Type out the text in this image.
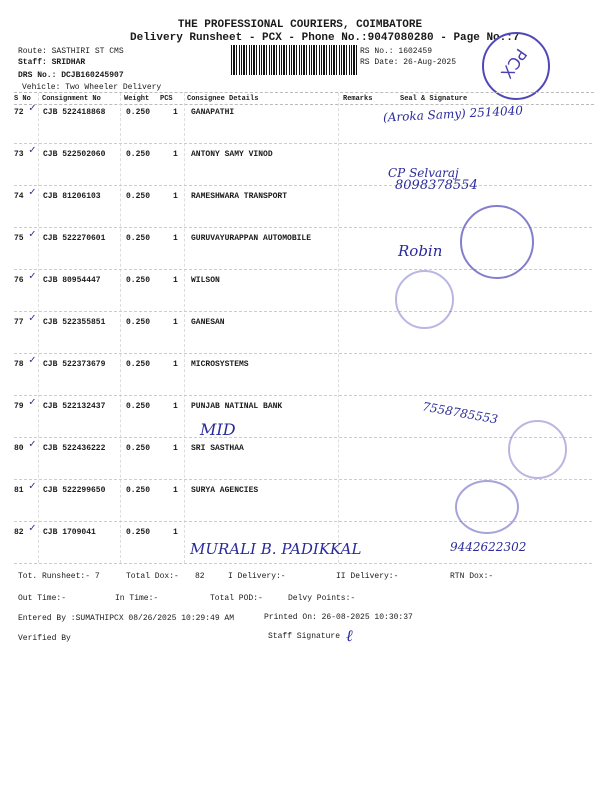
THE PROFESSIONAL COURIERS, COIMBATORE
Delivery Runsheet - PCX - Phone No.:9047080280 - Page No.:7
Route: SASTHIRI ST CMS
Staff: SRIDHAR
DRS No.: DCJB160245907
Vehicle: Two Wheeler Delivery
RS No.: 1602459
RS Date: 26-Aug-2025	PCX
S No Consignment No	Weight PCS Consignee Details	Remarks	Seal & Signature
72 CJB 522418868	0.250	1 GANAPATHI
✓
73 CJB 522502060	0.250	1 ANTONY SAMY VINOD
✓
74 CJB 81206103	0.250	1 RAMESHWARA TRANSPORT
✓
75 CJB 522270601	0.250	1 GURUVAYURAPPAN AUTOMOBILE
✓
76 CJB 80954447	0.250	1 WILSON
✓
77 CJB 522355851	0.250	1 GANESAN
✓
78 CJB 522373679	0.250	1 MICROSYSTEMS
✓
79 CJB 522132437	0.250	1 PUNJAB NATINAL BANK
✓
80 CJB 522436222	0.250	1 SRI SASTHAA
✓
81 CJB 522299650	0.250	1 SURYA AGENCIES
✓
82 CJB 1709041	0.250	1
✓
(Aroka Samy) 2514040
CP Selvaraj
8098378554
Robin
MID
7558785553
MURALI B. PADIKKAL	9442622302
Tot. Runsheet:- 7	Total Dox:- 82	I Delivery:-	II Delivery:-	RTN Dox:-
Out Time:-	In Time:-	Total POD:-	Delvy Points:-
Entered By :SUMATHIPCX 08/26/2025 10:29:49 AM	Printed On: 26-08-2025 10:30:37
Verified By	Staff Signature ℓ
